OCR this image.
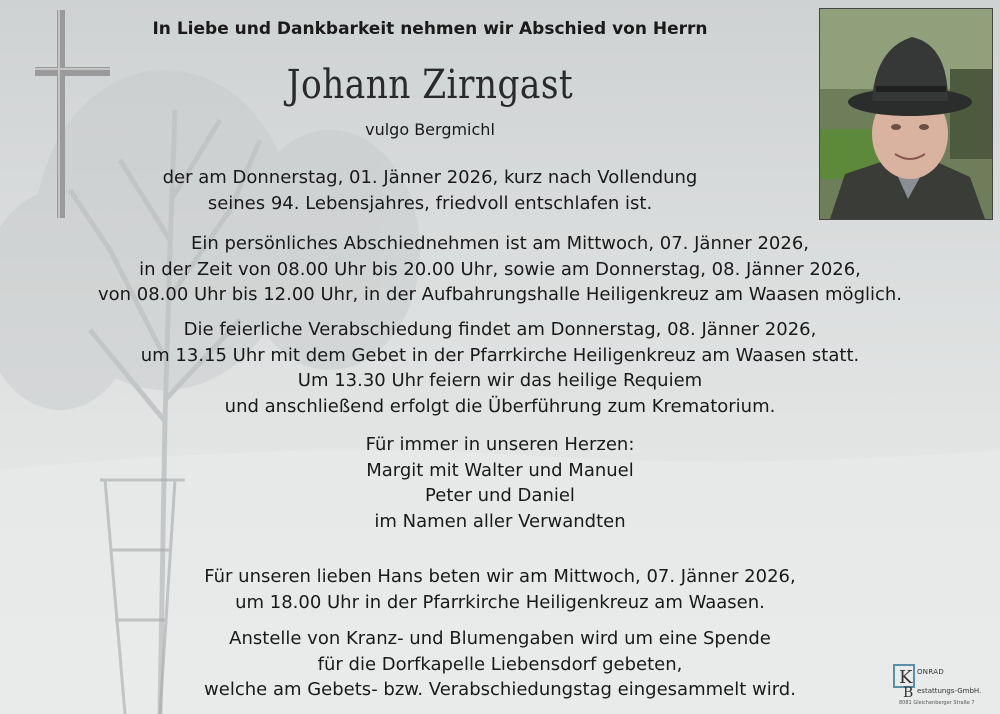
In Liebe und Dankbarkeit nehmen wir Abschied von Herrn
Johann Zirngast
vulgo Bergmichl
der am Donnerstag, 01. Jänner 2026, kurz nach Vollendung
seines 94. Lebensjahres, friedvoll entschlafen ist.
Ein persönliches Abschiednehmen ist am Mittwoch, 07. Jänner 2026,
in der Zeit von 08.00 Uhr bis 20.00 Uhr, sowie am Donnerstag, 08. Jänner 2026,
von 08.00 Uhr bis 12.00 Uhr, in der Aufbahrungshalle Heiligenkreuz am Waasen möglich.
Die feierliche Verabschiedung findet am Donnerstag, 08. Jänner 2026,
um 13.15 Uhr mit dem Gebet in der Pfarrkirche Heiligenkreuz am Waasen statt.
Um 13.30 Uhr feiern wir das heilige Requiem
und anschließend erfolgt die Überführung zum Krematorium.
Für immer in unseren Herzen:
Margit mit Walter und Manuel
Peter und Daniel
im Namen aller Verwandten
Für unseren lieben Hans beten wir am Mittwoch, 07. Jänner 2026,
um 18.00 Uhr in der Pfarrkirche Heiligenkreuz am Waasen.
Anstelle von Kranz- und Blumengaben wird um eine Spende
für die Dorfkapelle Liebensdorf gebeten,
welche am Gebets- bzw. Verabschiedungstag eingesammelt wird.
K
B
ONRAD
estattungs-GmbH.
8081 Gleichenberger Straße 7
